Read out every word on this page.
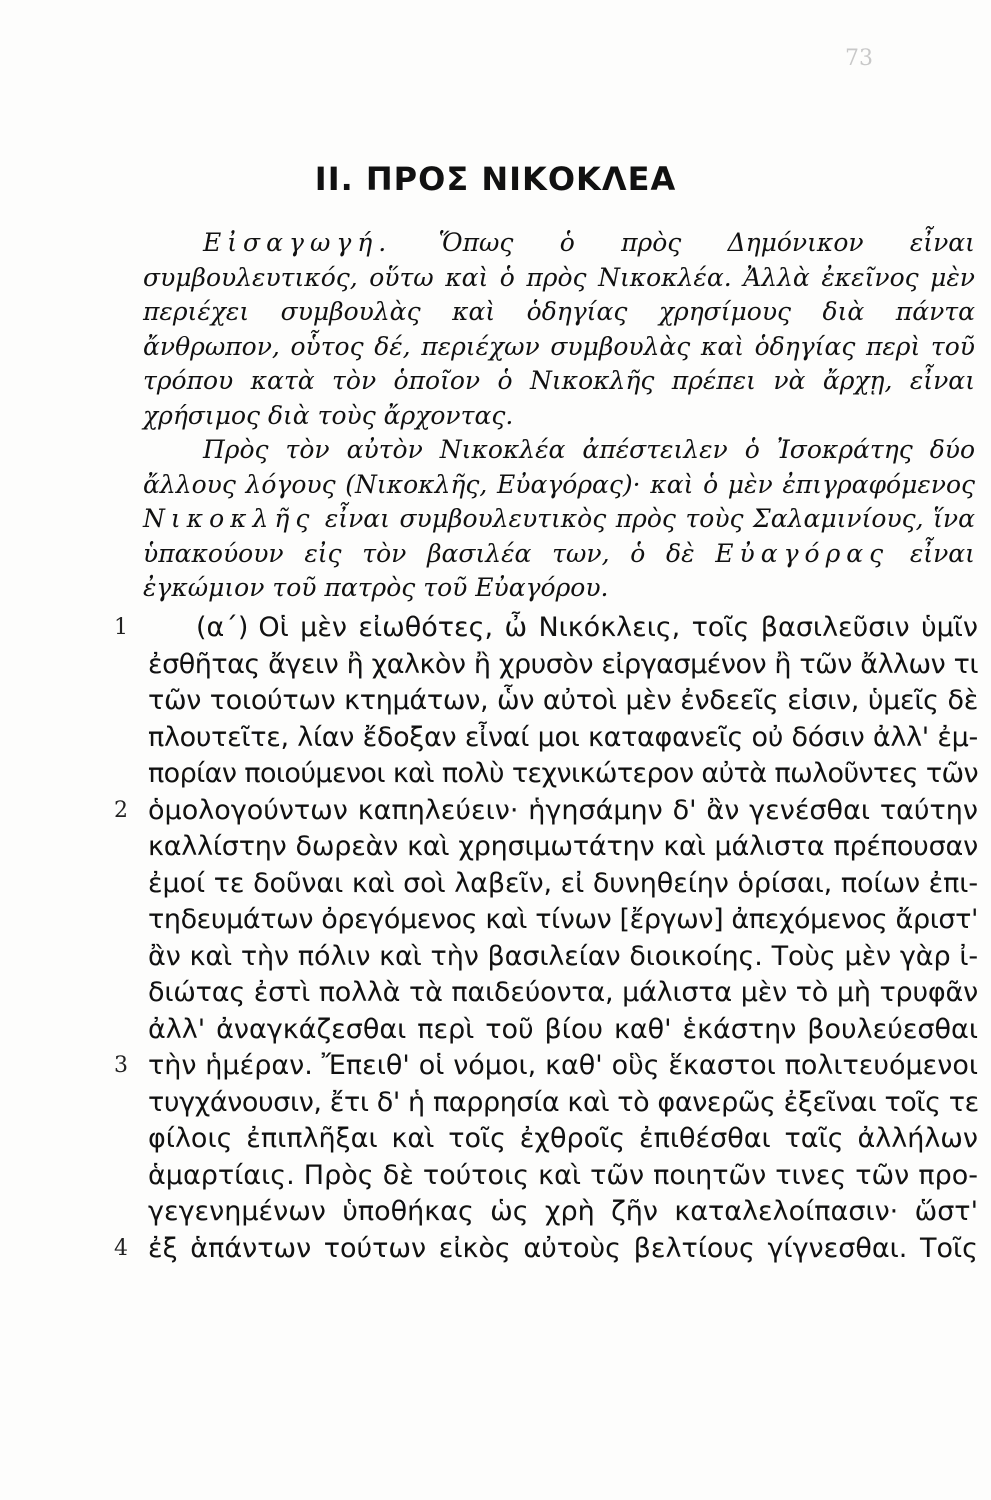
73
ΙΙ. ΠΡΟΣ ΝΙΚΟΚΛΕΑ

Εἰσαγωγή. Ὅπως ὁ πρὸς Δημόνικον εἶναι συμβουλευτικός, οὕτω καὶ ὁ πρὸς Νικοκλέα. Ἀλλὰ ἐκεῖνος μὲν περιέχει συμβουλὰς καὶ ὁδηγίας χρησίμους διὰ πάντα ἄνθρωπον, οὗτος δέ, περιέχων συμβουλὰς καὶ ὁδηγίας περὶ τοῦ τρόπου κατὰ τὸν ὁποῖον ὁ Νικοκλῆς πρέπει νὰ ἄρχῃ, εἶναι χρήσιμος διὰ τοὺς ἄρχοντας.

Πρὸς τὸν αὐτὸν Νικοκλέα ἀπέστειλεν ὁ Ἰσοκράτης δύο ἄλλους λόγους (Νικοκλῆς, Εὐαγόρας)· καὶ ὁ μὲν ἐπιγραφόμενος Νικοκλῆς εἶναι συμβουλευτικὸς πρὸς τοὺς Σαλαμινίους, ἵνα ὑπακούουν εἰς τὸν βασιλέα των, ὁ δὲ Εὐαγόρας εἶναι ἐγκώμιον τοῦ πατρὸς τοῦ Εὐαγόρου.

1	(α΄) Οἱ μὲν εἰωθότες, ὦ Νικόκλεις, τοῖς βασιλεῦσιν ὑμῖν
ἐσθῆτας ἄγειν ἢ χαλκὸν ἢ χρυσὸν εἰργασμένον ἢ τῶν ἄλλων τι
τῶν τοιούτων κτημάτων, ὧν αὐτοὶ μὲν ἐνδεεῖς εἰσιν, ὑμεῖς δὲ
πλουτεῖτε, λίαν ἔδοξαν εἶναί μοι καταφανεῖς οὐ δόσιν ἀλλ' ἐμ-
πορίαν ποιούμενοι καὶ πολὺ τεχνικώτερον αὐτὰ πωλοῦντες τῶν
2 ὁμολογούντων καπηλεύειν· ἡγησάμην δ' ἂν γενέσθαι ταύτην
καλλίστην δωρεὰν καὶ χρησιμωτάτην καὶ μάλιστα πρέπουσαν
ἐμοί τε δοῦναι καὶ σοὶ λαβεῖν, εἰ δυνηθείην ὁρίσαι, ποίων ἐπι-
τηδευμάτων ὀρεγόμενος καὶ τίνων [ἔργων] ἀπεχόμενος ἄριστ'
ἂν καὶ τὴν πόλιν καὶ τὴν βασιλείαν διοικοίης. Τοὺς μὲν γὰρ ἰ-
διώτας ἐστὶ πολλὰ τὰ παιδεύοντα, μάλιστα μὲν τὸ μὴ τρυφᾶν
ἀλλ' ἀναγκάζεσθαι περὶ τοῦ βίου καθ' ἑκάστην βουλεύεσθαι
3 τὴν ἡμέραν. Ἔπειθ' οἱ νόμοι, καθ' οὓς ἕκαστοι πολιτευόμενοι
τυγχάνουσιν, ἔτι δ' ἡ παρρησία καὶ τὸ φανερῶς ἐξεῖναι τοῖς τε
φίλοις ἐπιπλῆξαι καὶ τοῖς ἐχθροῖς ἐπιθέσθαι ταῖς ἀλλήλων
ἁμαρτίαις. Πρὸς δὲ τούτοις καὶ τῶν ποιητῶν τινες τῶν προ-
γεγενημένων ὑποθήκας ὡς χρὴ ζῆν καταλελοίπασιν· ὥστ'
4 ἐξ ἁπάντων τούτων εἰκὸς αὐτοὺς βελτίους γίγνεσθαι. Τοῖς
